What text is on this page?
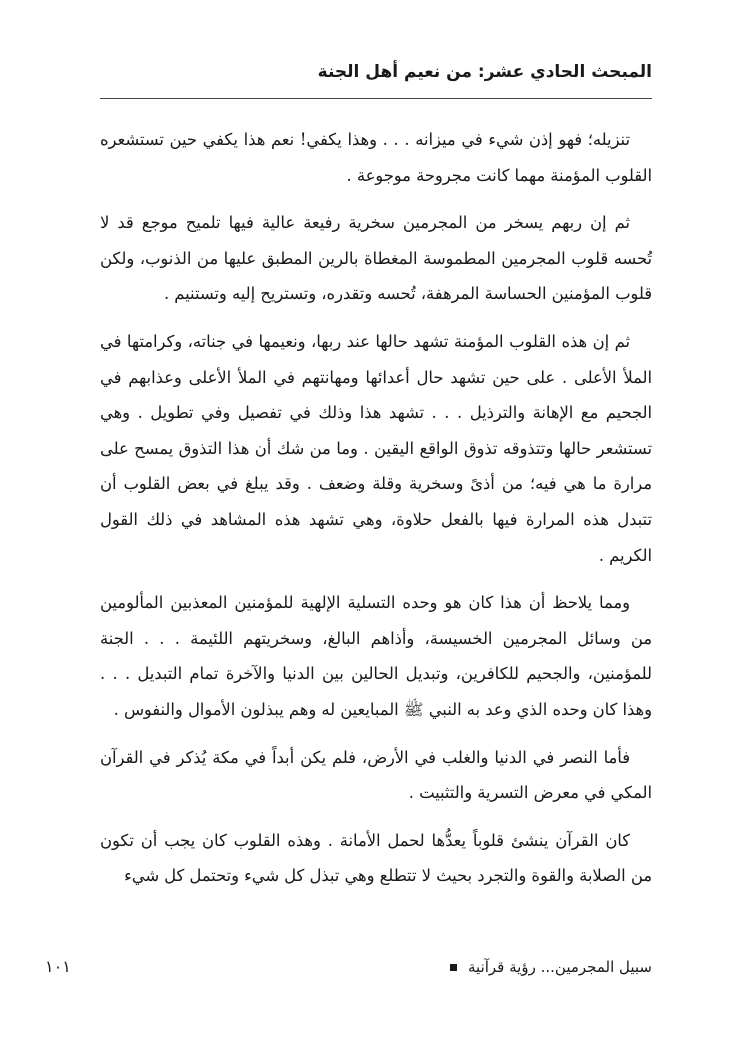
المبحث الحادي عشر: من نعيم أهل الجنة

تنزيله؛ فهو إذن شيء في ميزانه . . . وهذا يكفي! نعم هذا يكفي حين تستشعره القلوب المؤمنة مهما كانت مجروحة موجوعة .

ثم إن ربهم يسخر من المجرمين سخرية رفيعة عالية فيها تلميح موجع قد لا تُحسه قلوب المجرمين المطموسة المغطاة بالرين المطبق عليها من الذنوب، ولكن قلوب المؤمنين الحساسة المرهفة، تُحسه وتقدره، وتستريح إليه وتستنيم .

ثم إن هذه القلوب المؤمنة تشهد حالها عند ربها، ونعيمها في جناته، وكرامتها في الملأ الأعلى . على حين تشهد حال أعدائها ومهانتهم في الملأ الأعلى وعذابهم في الجحيم مع الإهانة والترذيل . . . تشهد هذا وذلك في تفصيل وفي تطويل . وهي تستشعر حالها وتتذوقه تذوق الواقع اليقين . وما من شك أن هذا التذوق يمسح على مرارة ما هي فيه؛ من أذىً وسخرية وقلة وضعف . وقد يبلغ في بعض القلوب أن تتبدل هذه المرارة فيها بالفعل حلاوة، وهي تشهد هذه المشاهد في ذلك القول الكريم .

ومما يلاحظ أن هذا كان هو وحده التسلية الإلهية للمؤمنين المعذبين المألومين من وسائل المجرمين الخسيسة، وأذاهم البالغ، وسخريتهم اللئيمة . . . الجنة للمؤمنين، والجحيم للكافرين، وتبديل الحالين بين الدنيا والآخرة تمام التبديل . . . وهذا كان وحده الذي وعد به النبي ﷺ المبايعين له وهم يبذلون الأموال والنفوس .

فأما النصر في الدنيا والغلب في الأرض، فلم يكن أبداً في مكة يُذكر في القرآن المكي في معرض التسرية والتثبيت .

كان القرآن ينشئ قلوباً يعدُّها لحمل الأمانة . وهذه القلوب كان يجب أن تكون من الصلابة والقوة والتجرد بحيث لا تتطلع وهي تبذل كل شيء وتحتمل كل شيء

سبيل المجرمين... رؤية قرآنية
١٠١
